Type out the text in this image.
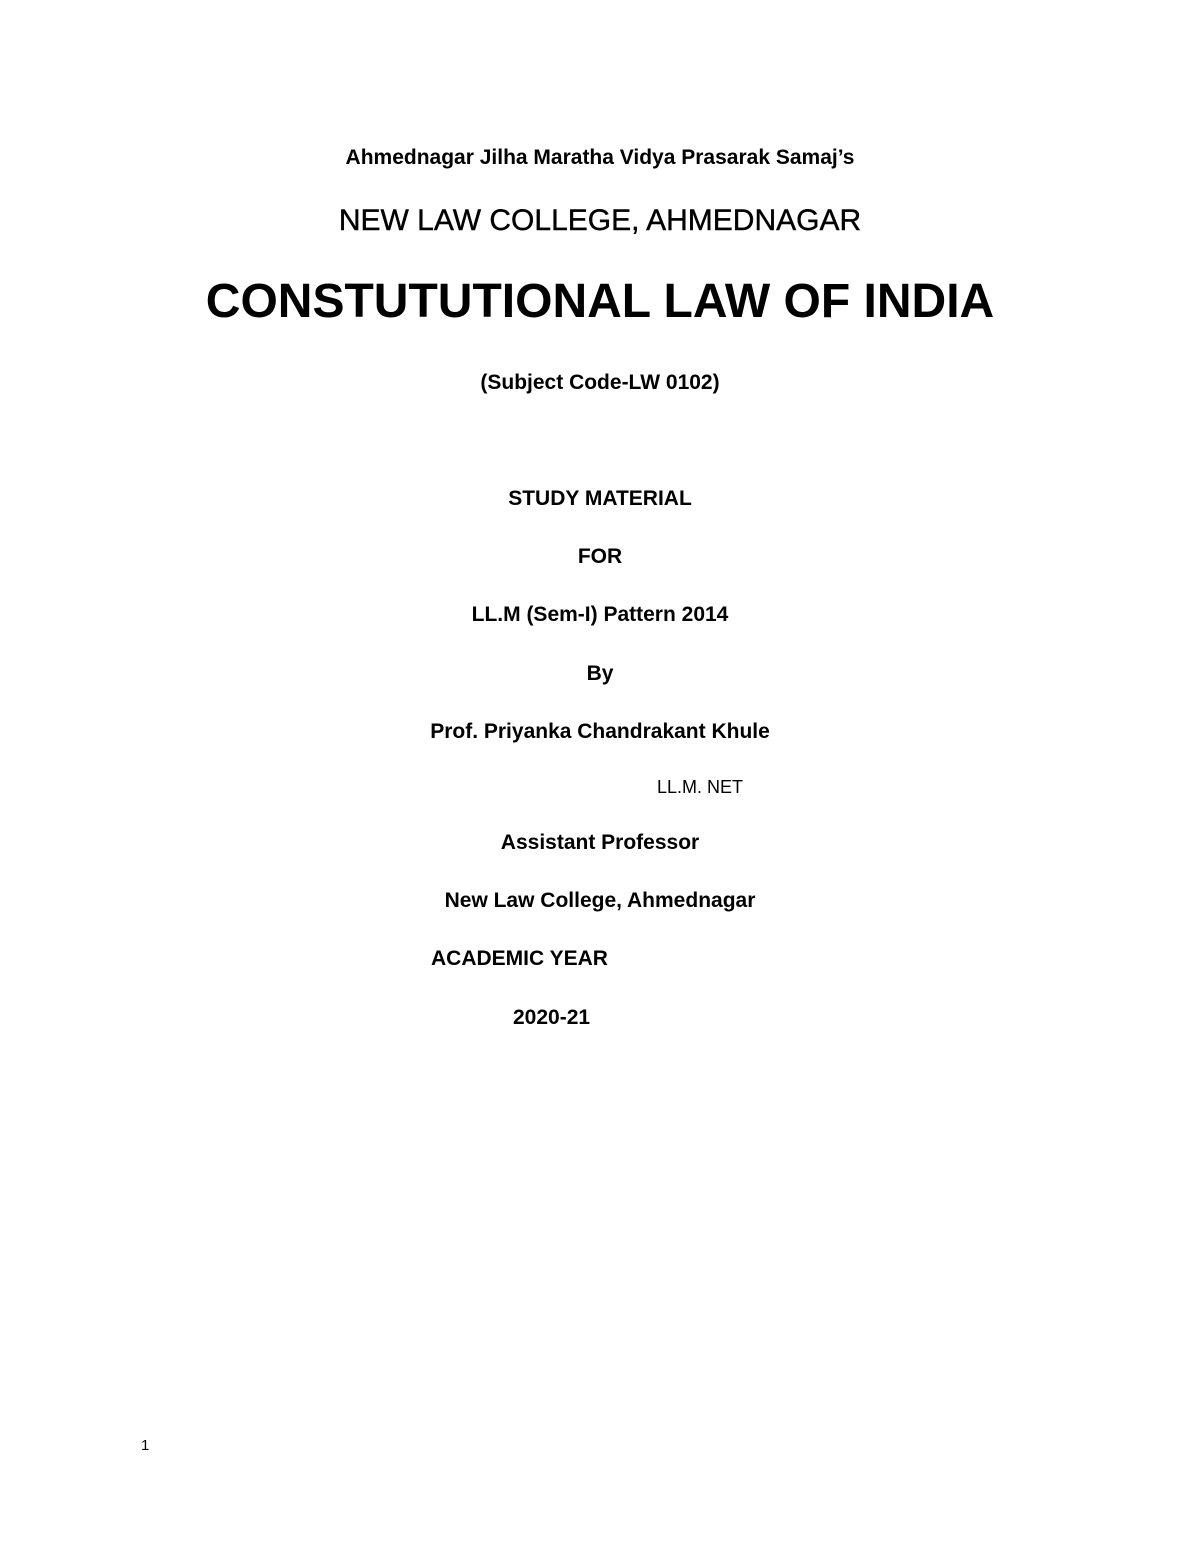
Ahmednagar Jilha Maratha Vidya Prasarak Samaj’s
NEW LAW COLLEGE, AHMEDNAGAR
CONSTUTUTIONAL LAW OF INDIA
(Subject Code-LW 0102)
STUDY MATERIAL
FOR
LL.M (Sem-I) Pattern 2014
By
Prof. Priyanka Chandrakant Khule
LL.M. NET
Assistant Professor
New Law College, Ahmednagar
ACADEMIC YEAR
2020-21
1
